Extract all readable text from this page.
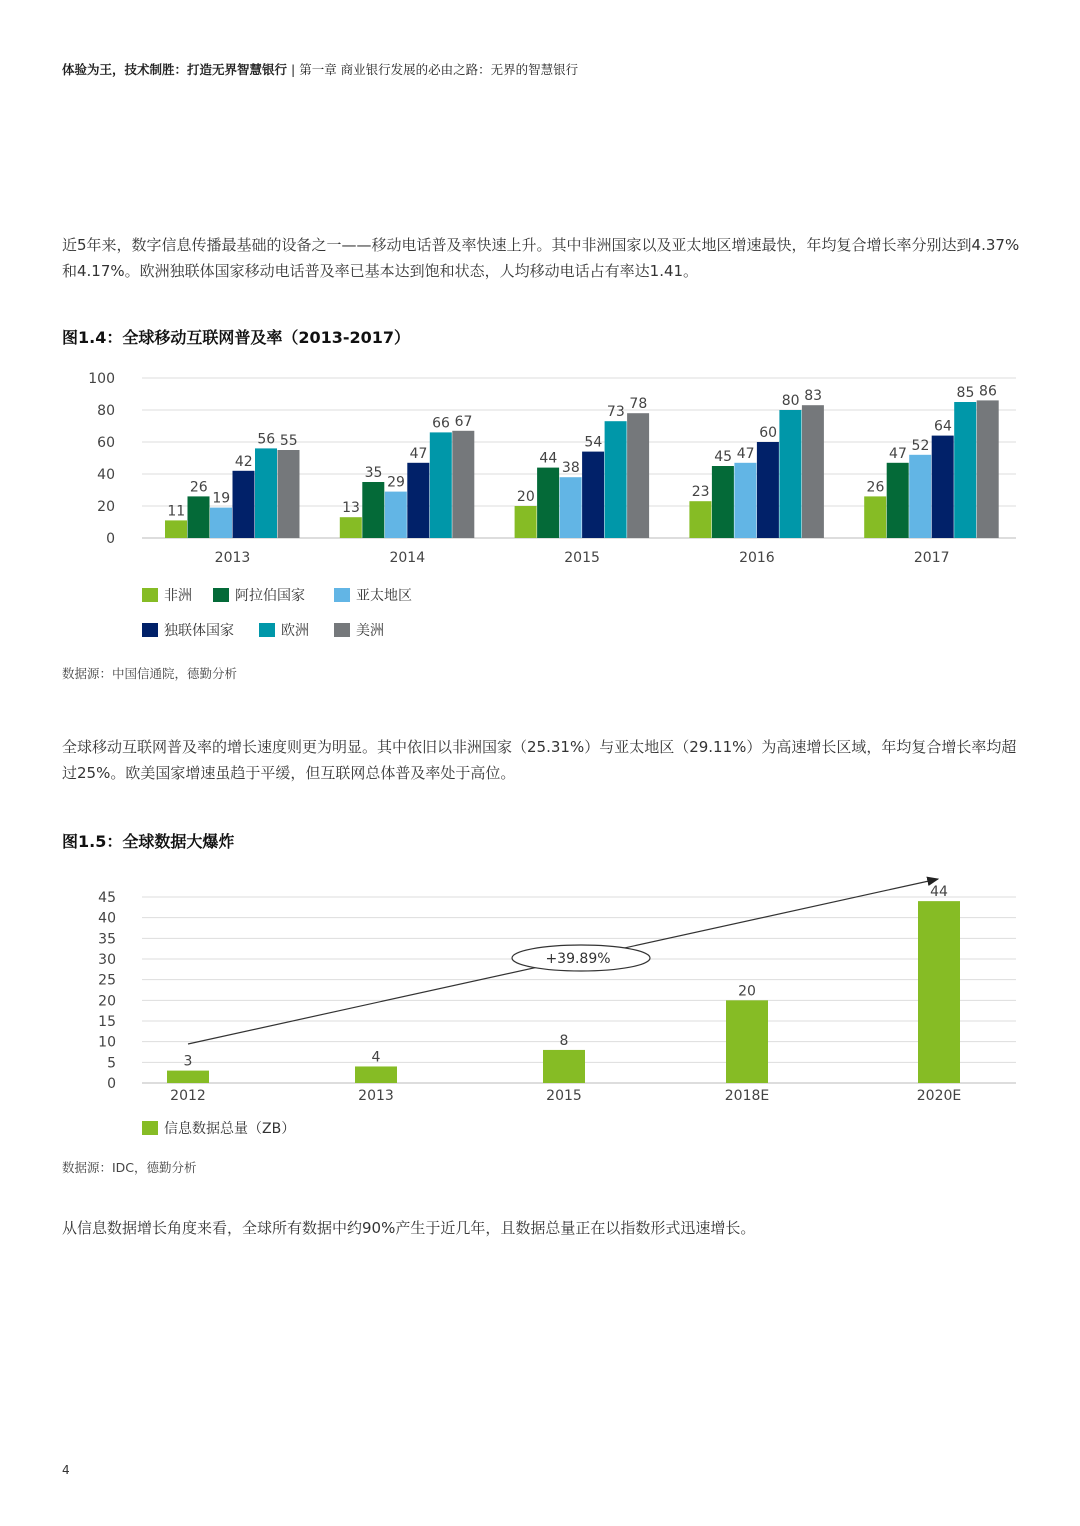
体验为王，技术制胜：打造无界智慧银行 | 第一章 商业银行发展的必由之路：无界的智慧银行
近5年来，数字信息传播最基础的设备之一——移动电话普及率快速上升。其中非洲国家以及亚太地区增速最快，年均复合增长率分别达到4.37%和4.17%。欧洲独联体国家移动电话普及率已基本达到饱和状态，人均移动电话占有率达1.41。
图1.4：全球移动互联网普及率（2013-2017）
0
20
40
60
80
100
11
26
19
42
56 55
2013
13
35
29
47
66 67
2014
20
44
38
54
73 78
2015
23
45 47
60
80 83
2016
26
47 52
64
85 86
2017
非洲	阿拉伯国家	亚太地区
独联体国家	欧洲	美洲
数据源：中国信通院，德勤分析
全球移动互联网普及率的增长速度则更为明显。其中依旧以非洲国家（25.31%）与亚太地区（29.11%）为高速增长区域，年均复合增长率均超过25%。欧美国家增速虽趋于平缓，但互联网总体普及率处于高位。
图1.5：全球数据大爆炸
0
5
10
15
20
25
30
35
40
45
3
2012
4
2013
8
2015
20
2018E
44
2020E
+39.89%
信息数据总量（ZB）
数据源：IDC，德勤分析
从信息数据增长角度来看，全球所有数据中约90%产生于近几年，且数据总量正在以指数形式迅速增长。
4
